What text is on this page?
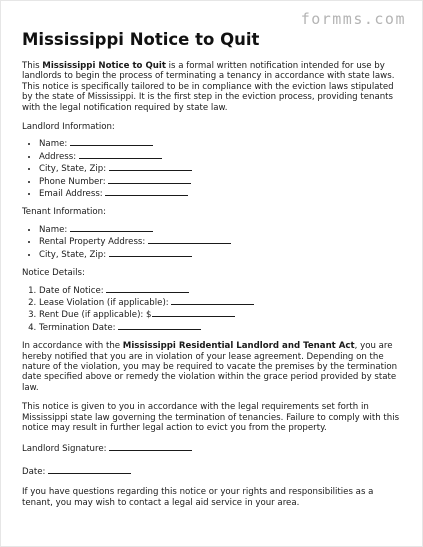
formms.com
Mississippi Notice to Quit

This Mississippi Notice to Quit is a formal written notification intended for use by landlords to begin the process of terminating a tenancy in accordance with state laws. This notice is specifically tailored to be in compliance with the eviction laws stipulated by the state of Mississippi. It is the first step in the eviction process, providing tenants with the legal notification required by state law.

Landlord Information:
• Name:
• Address:
• City, State, Zip:
• Phone Number:
• Email Address:
Tenant Information:
• Name:
• Rental Property Address:
• City, State, Zip:
Notice Details:
1. Date of Notice:
2. Lease Violation (if applicable):
3. Rent Due (if applicable): $
4. Termination Date:

In accordance with the Mississippi Residential Landlord and Tenant Act, you are hereby notified that you are in violation of your lease agreement. Depending on the nature of the violation, you may be required to vacate the premises by the termination date specified above or remedy the violation within the grace period provided by state law.

This notice is given to you in accordance with the legal requirements set forth in Mississippi state law governing the termination of tenancies. Failure to comply with this notice may result in further legal action to evict you from the property.

Landlord Signature:
Date:

If you have questions regarding this notice or your rights and responsibilities as a tenant, you may wish to contact a legal aid service in your area.
